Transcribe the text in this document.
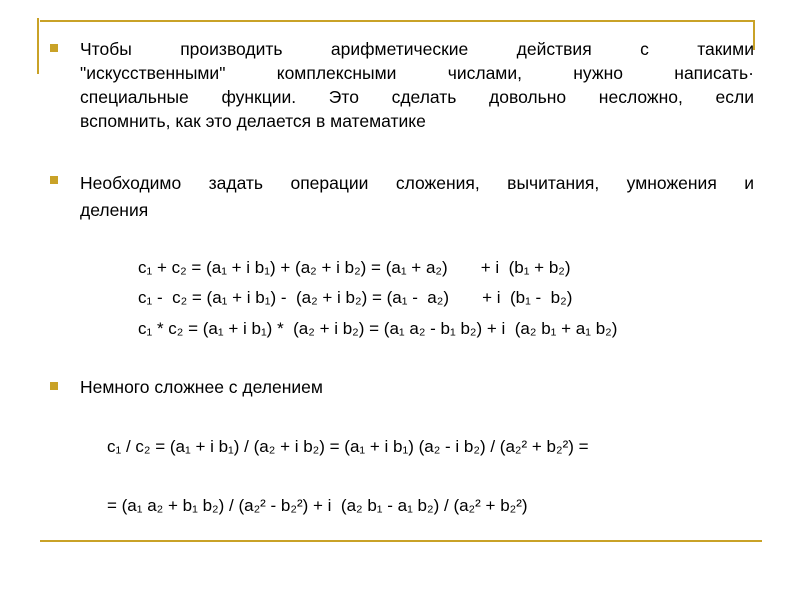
Чтобы производить арифметические действия с такими

"искусственными" комплексными числами, нужно написать·

специальные функции. Это сделать довольно несложно, если

вспомнить, как это делается в математике

Необходимо задать операции сложения, вычитания, умножения и

деления

c₁ + c₂ = (a₁ + i b₁) + (a₂ + i b₂) = (a₁ + a₂)       + i  (b₁ + b₂)
c₁ -  c₂ = (a₁ + i b₁) -  (a₂ + i b₂) = (a₁ -  a₂)       + i  (b₁ -  b₂)
c₁ * c₂ = (a₁ + i b₁) *  (a₂ + i b₂) = (a₁ a₂ - b₁ b₂) + i  (a₂ b₁ + a₁ b₂)

Немного сложнее с делением

c₁ / c₂ = (a₁ + i b₁) / (a₂ + i b₂) = (a₁ + i b₁) (a₂ - i b₂) / (a₂² + b₂²) =
= (a₁ a₂ + b₁ b₂) / (a₂² - b₂²) + i  (a₂ b₁ - a₁ b₂) / (a₂² + b₂²)
